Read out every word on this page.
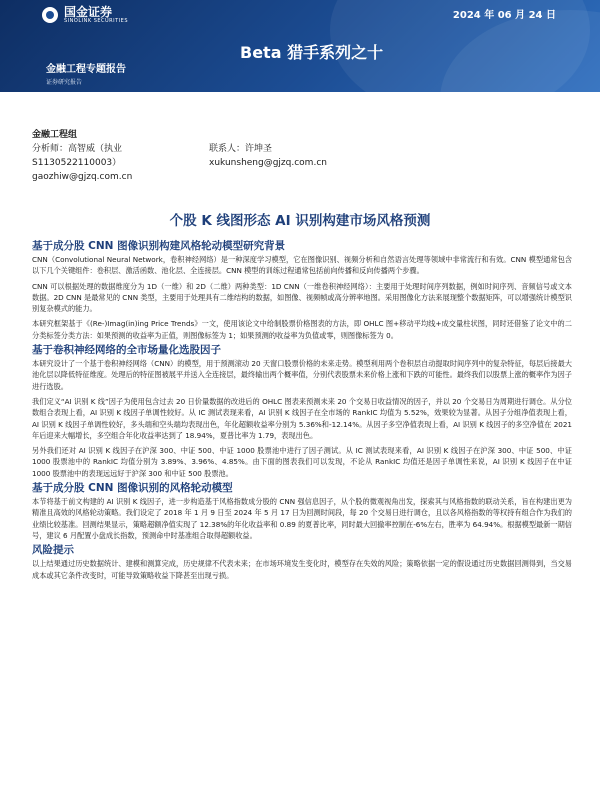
国金证券
SINOLINK SECURITIES	2024 年 06 月 24 日
Beta 猎手系列之十
金融工程专题报告
证券研究报告
金融工程组
分析师：高智威（执业	联系人：许坤圣
S1130522110003）	xukunsheng@gjzq.com.cn
gaozhiw@gjzq.com.cn
个股 K 线图形态 AI 识别构建市场风格预测
基于成分股 CNN 图像识别构建风格轮动模型研究背景

CNN（Convolutional Neural Network，卷积神经网络）是一种深度学习模型，它在图像识别、视频分析和自然语言处理等领域中非常流行和有效。CNN 模型通常包含以下几个关键组件：卷积层、激活函数、池化层、全连接层。CNN 模型的训练过程通常包括前向传播和反向传播两个步骤。

CNN 可以根据处理的数据维度分为 1D（一维）和 2D（二维）两种类型：1D CNN（一维卷积神经网络）：主要用于处理时间序列数据，例如时间序列、音频信号或文本数据。2D CNN 是最常见的 CNN 类型，主要用于处理具有二维结构的数据，如图像、视频帧或高分辨率地图。采用图像化方法来展现整个数据矩阵，可以增强统计模型识别复杂模式的能力。

本研究框架基于《(Re-)Imag(in)ing Price Trends》一文，使用该论文中给制股票价格图表的方法，即 OHLC 图+移动平均线+成交量柱状图，同时还借鉴了论文中的二分类标签分类方法：如果预测的收益率为正值，则图像标签为 1；如果预测的收益率为负值或零，则图像标签为 0。

基于卷积神经网络的全市场量化选股因子

本研究设计了一个基于卷积神经网络（CNN）的模型，用于预测滚动 20 天窗口股票价格的未来走势。模型利用两个卷积层自动提取时间序列中的复杂特征，每层后接最大池化层以降低特征维度。处理后的特征图被展平并送入全连接层，最终输出两个概率值，分别代表股票未来价格上涨和下跌的可能性。最终我们以股票上涨的概率作为因子进行选股。

我们定义“AI 识别 K 线”因子为使用包含过去 20 日价量数据的改进后的 OHLC 图表来预测未来 20 个交易日收益情况的因子，并以 20 个交易日为周期进行调仓。从分位数组合表现上看，AI 识别 K 线因子单调性较好。从 IC 测试表现来看，AI 识别 K 线因子在全市场的 RankIC 均值为 5.52%，效果较为显著。从因子分组净值表现上看，AI 识别 K 线因子单调性较好，多头端和空头端均表现出色，年化超额收益率分别为 5.36%和-12.14%。从因子多空净值表现上看，AI 识别 K 线因子的多空净值在 2021 年后迎来大幅增长，多空组合年化收益率达到了 18.94%，夏普比率为 1.79，表现出色。

另外我们还对 AI 识别 K 线因子在沪深 300、中证 500、中证 1000 股票池中进行了因子测试。从 IC 测试表现来看，AI 识别 K 线因子在沪深 300、中证 500、中证 1000 股票池中的 RankIC 均值分别为 3.89%、3.96%、4.85%。由下面的图表我们可以发现，不论从 RankIC 均值还是因子单调性来说，AI 识别 K 线因子在中证 1000 股票池中的表现远远好于沪深 300 和中证 500 股票池。

基于成分股 CNN 图像识别的风格轮动模型

本节将基于前文构建的 AI 识别 K 线因子，进一步构造基于风格指数成分股的 CNN 强信息因子，从个股的微观视角出发，探索其与风格指数的联动关系，旨在构建出更为精准且高效的风格轮动策略。我们设定了 2018 年 1 月 9 日至 2024 年 5 月 17 日为回测时间段，每 20 个交易日进行调仓，且以各风格指数的等权持有组合作为我们的业绩比较基准。回测结果显示，策略超额净值实现了 12.38%的年化收益率和 0.89 的夏普比率，同时最大回撤率控制在-6%左右，胜率为 64.94%。根据模型最新一期信号，建议 6 月配置小盘成长指数，预测命中时基准组合取得超额收益。

风险提示

以上结果通过历史数据统计、建模和测算完成，历史规律不代表未来；在市场环境发生变化时，模型存在失效的风险；策略依据一定的假设通过历史数据回测得到，当交易成本或其它条件改变时，可能导致策略收益下降甚至出现亏损。
